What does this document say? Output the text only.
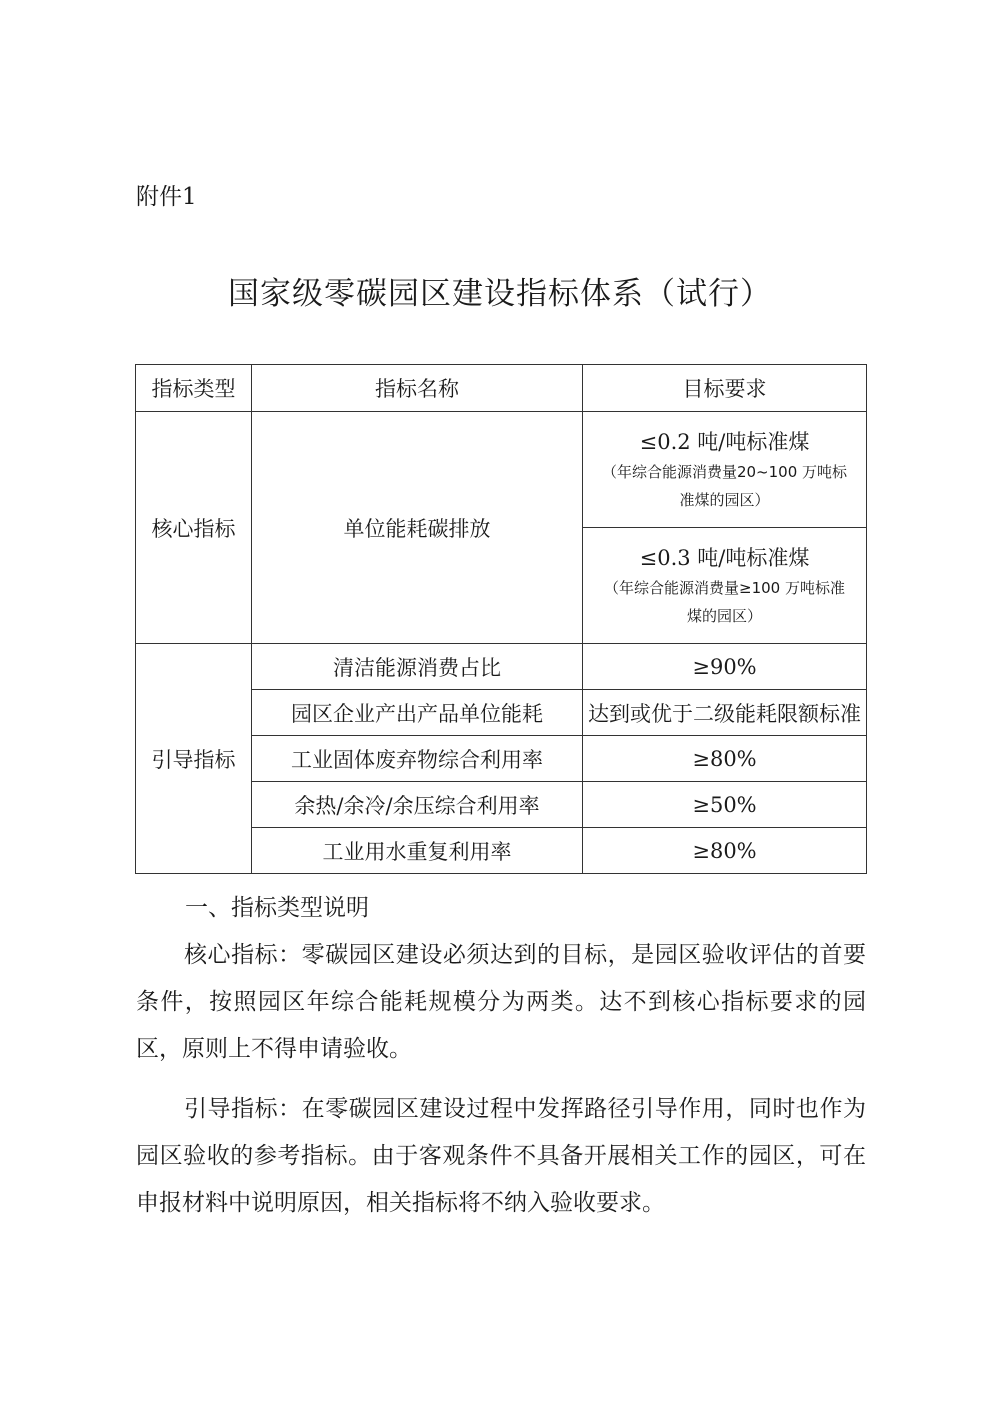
附件1
国家级零碳园区建设指标体系（试行）
指标类型	指标名称	目标要求
核心指标	单位能耗碳排放	≤0.2 吨/吨标准煤
（年综合能源消费量20~100 万吨标准煤的园区）

		≤0.3 吨/吨标准煤
（年综合能源消费量≥100 万吨标准煤的园区）

引导指标	清洁能源消费占比	≥90%
	园区企业产出产品单位能耗	达到或优于二级能耗限额标准
	工业固体废弃物综合利用率	≥80%
	余热/余冷/余压综合利用率	≥50%
	工业用水重复利用率	≥80%
一、指标类型说明

核心指标：零碳园区建设必须达到的目标，是园区验收评估的首要条件，按照园区年综合能耗规模分为两类。达不到核心指标要求的园区，原则上不得申请验收。

引导指标：在零碳园区建设过程中发挥路径引导作用，同时也作为园区验收的参考指标。由于客观条件不具备开展相关工作的园区，可在申报材料中说明原因，相关指标将不纳入验收要求。
